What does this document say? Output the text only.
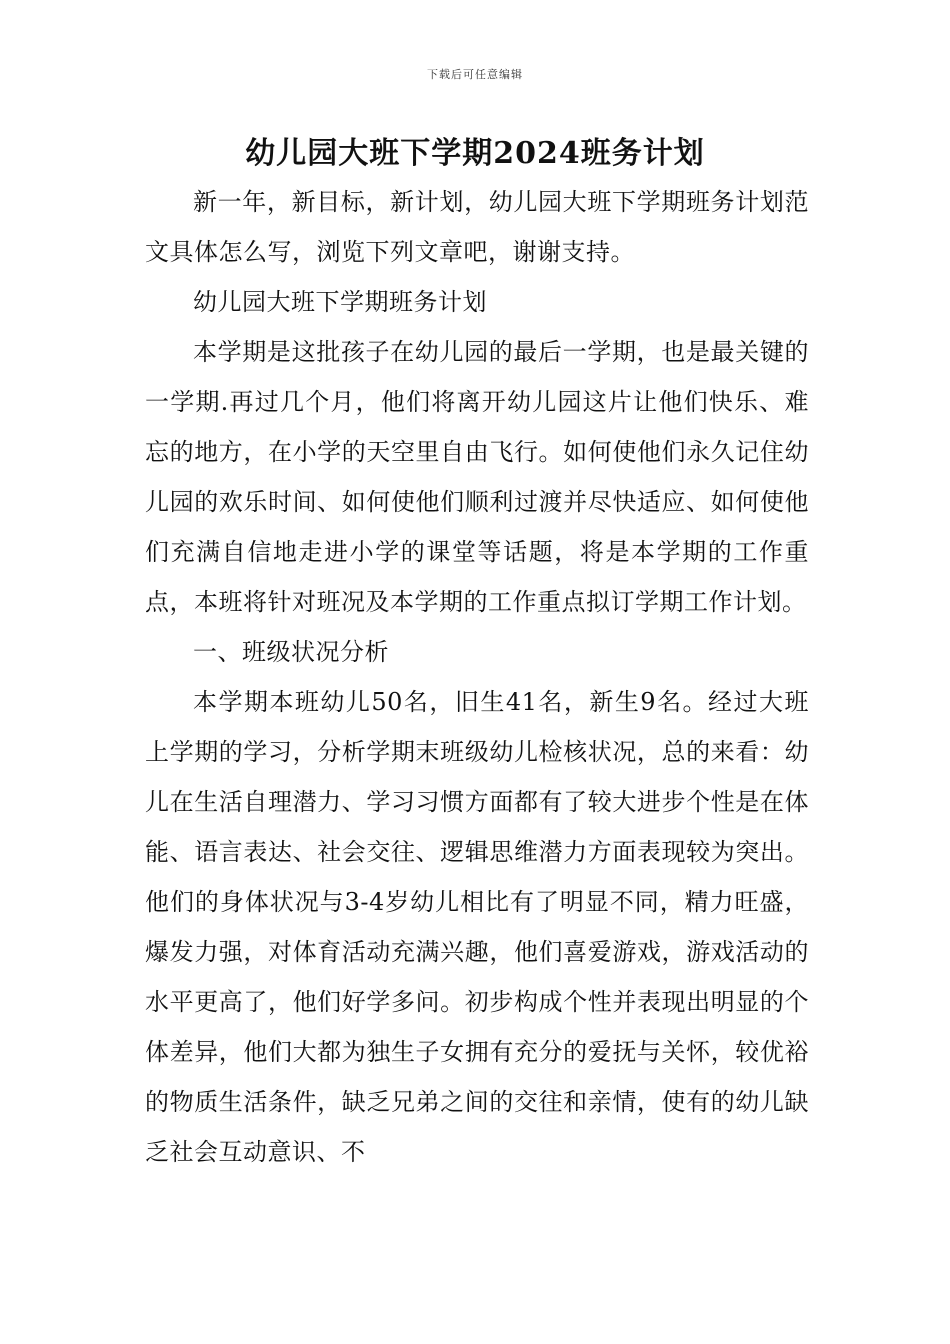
下载后可任意编辑
幼儿园大班下学期2024班务计划

新一年，新目标，新计划，幼儿园大班下学期班务计划范文具体怎么写，浏览下列文章吧，谢谢支持。

幼儿园大班下学期班务计划

本学期是这批孩子在幼儿园的最后一学期，也是最关键的一学期.再过几个月，他们将离开幼儿园这片让他们快乐、难忘的地方，在小学的天空里自由飞行。如何使他们永久记住幼儿园的欢乐时间、如何使他们顺利过渡并尽快适应、如何使他们充满自信地走进小学的课堂等话题，将是本学期的工作重点，本班将针对班况及本学期的工作重点拟订学期工作计划。

一、班级状况分析

本学期本班幼儿50名，旧生41名，新生9名。经过大班上学期的学习，分析学期末班级幼儿检核状况，总的来看：幼儿在生活自理潜力、学习习惯方面都有了较大进步个性是在体能、语言表达、社会交往、逻辑思维潜力方面表现较为突出。他们的身体状况与3-4岁幼儿相比有了明显不同，精力旺盛，爆发力强，对体育活动充满兴趣，他们喜爱游戏，游戏活动的水平更高了，他们好学多问。初步构成个性并表现出明显的个体差异，他们大都为独生子女拥有充分的爱抚与关怀，较优裕的物质生活条件，缺乏兄弟之间的交往和亲情，使有的幼儿缺乏社会互动意识、不
